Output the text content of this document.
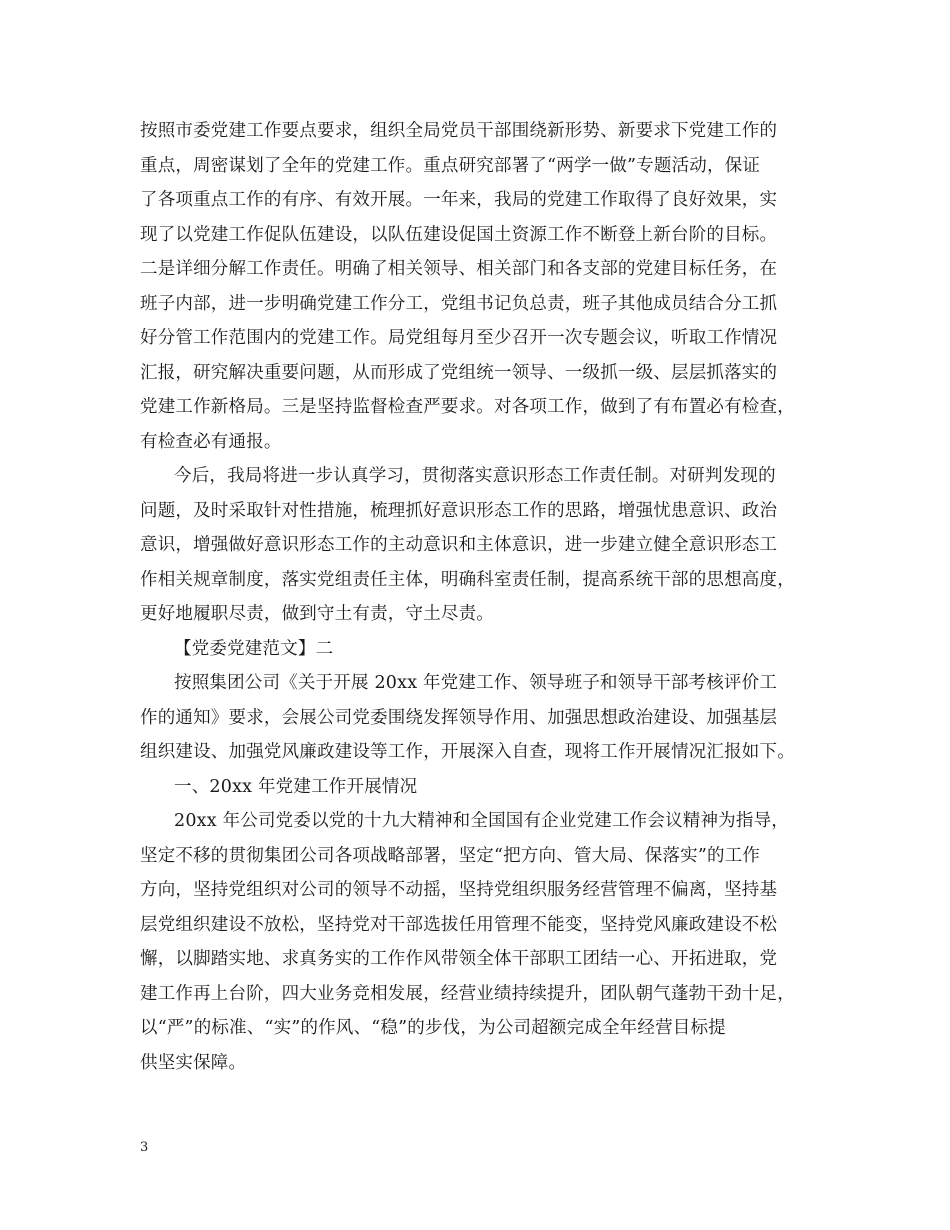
按照市委党建工作要点要求，组织全局党员干部围绕新形势、新要求下党建工作的
重点，周密谋划了全年的党建工作。重点研究部署了“两学一做”专题活动，保证
了各项重点工作的有序、有效开展。一年来，我局的党建工作取得了良好效果，实
现了以党建工作促队伍建设，以队伍建设促国土资源工作不断登上新台阶的目标。
二是详细分解工作责任。明确了相关领导、相关部门和各支部的党建目标任务，在
班子内部，进一步明确党建工作分工，党组书记负总责，班子其他成员结合分工抓
好分管工作范围内的党建工作。局党组每月至少召开一次专题会议，听取工作情况
汇报，研究解决重要问题，从而形成了党组统一领导、一级抓一级、层层抓落实的
党建工作新格局。三是坚持监督检查严要求。对各项工作，做到了有布置必有检查，
有检查必有通报。
今后，我局将进一步认真学习，贯彻落实意识形态工作责任制。对研判发现的
问题，及时采取针对性措施，梳理抓好意识形态工作的思路，增强忧患意识、政治
意识，增强做好意识形态工作的主动意识和主体意识，进一步建立健全意识形态工
作相关规章制度，落实党组责任主体，明确科室责任制，提高系统干部的思想高度，
更好地履职尽责，做到守土有责，守土尽责。
【党委党建范文】二
按照集团公司《关于开展 20xx 年党建工作、领导班子和领导干部考核评价工
作的通知》要求，会展公司党委围绕发挥领导作用、加强思想政治建设、加强基层
组织建设、加强党风廉政建设等工作，开展深入自查，现将工作开展情况汇报如下。
一、20xx 年党建工作开展情况
20xx 年公司党委以党的十九大精神和全国国有企业党建工作会议精神为指导，
坚定不移的贯彻集团公司各项战略部署，坚定“把方向、管大局、保落实”的工作
方向，坚持党组织对公司的领导不动摇，坚持党组织服务经营管理不偏离，坚持基
层党组织建设不放松，坚持党对干部选拔任用管理不能变，坚持党风廉政建设不松
懈，以脚踏实地、求真务实的工作作风带领全体干部职工团结一心、开拓进取，党
建工作再上台阶，四大业务竞相发展，经营业绩持续提升，团队朝气蓬勃干劲十足，
以“严”的标准、“实”的作风、“稳”的步伐，为公司超额完成全年经营目标提
供坚实保障。
3
